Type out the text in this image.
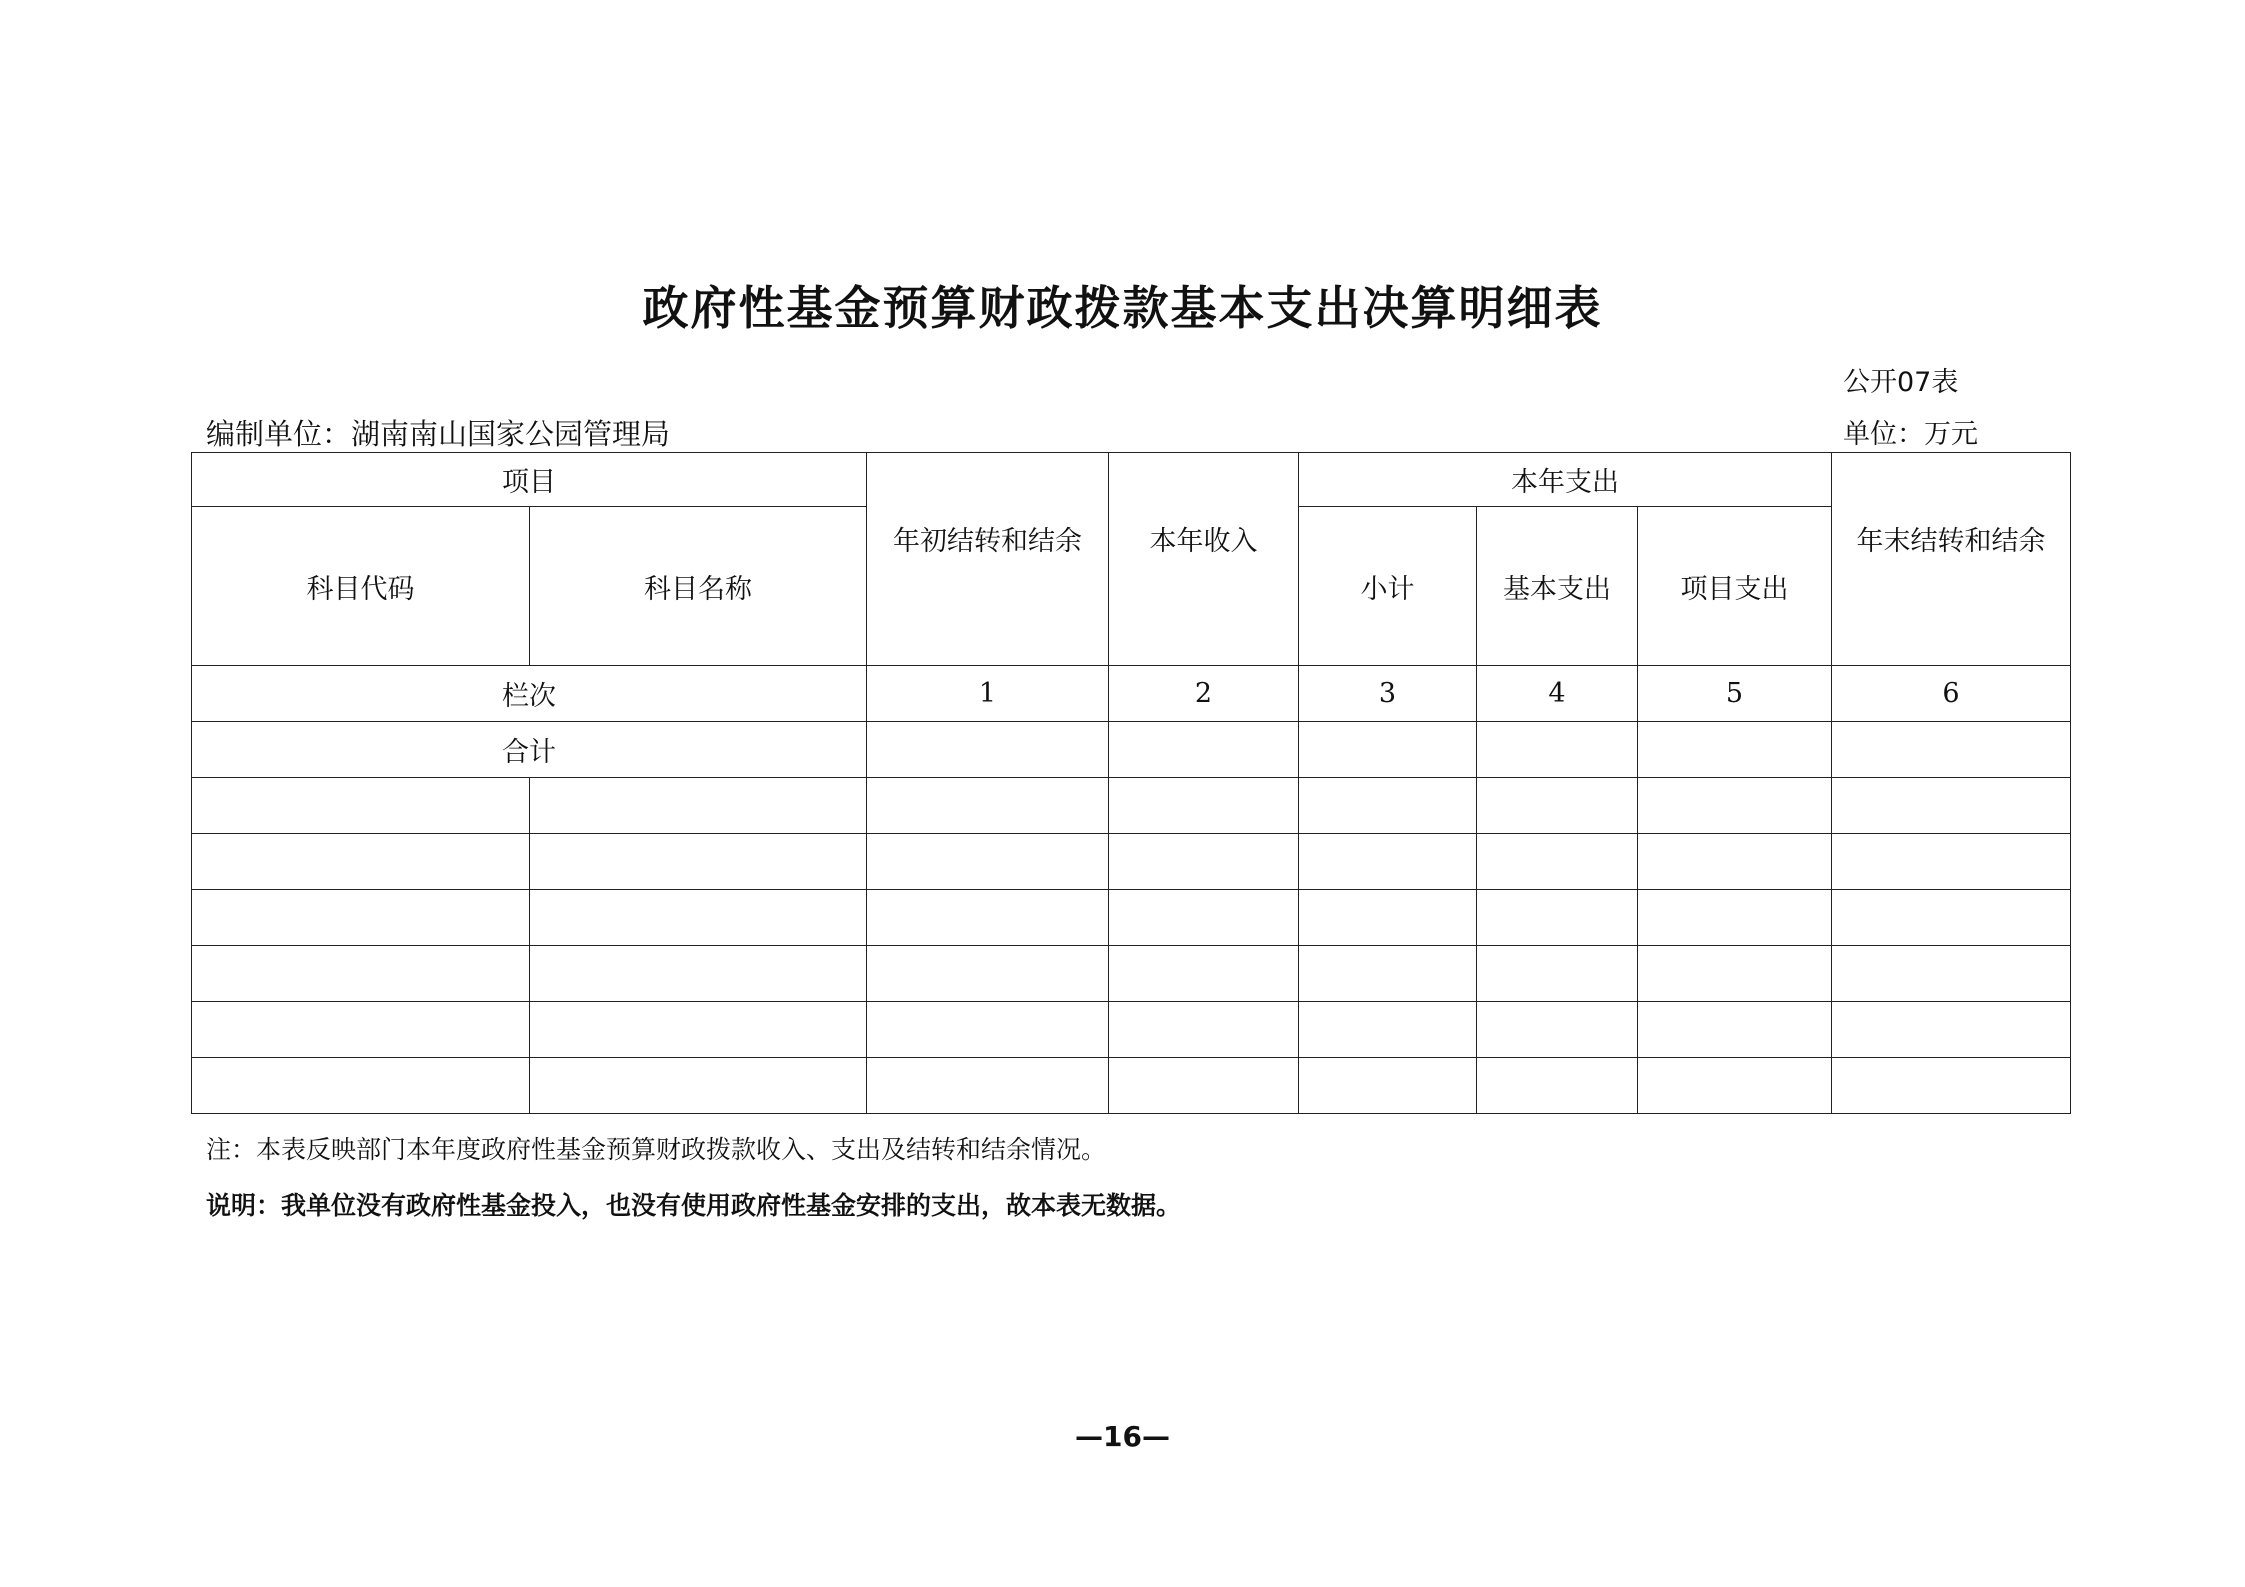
政府性基金预算财政拨款基本支出决算明细表
公开07表
编制单位：湖南南山国家公园管理局	单位：万元
项目		年初结转和结余	本年收入	本年支出			年末结转和结余
科目代码	科目名称			小计	基本支出	项目支出	
栏次		1	2	3	4	5	6
合计							

注：本表反映部门本年度政府性基金预算财政拨款收入、支出及结转和结余情况。
说明：我单位没有政府性基金投入，也没有使用政府性基金安排的支出，故本表无数据。
—16—
